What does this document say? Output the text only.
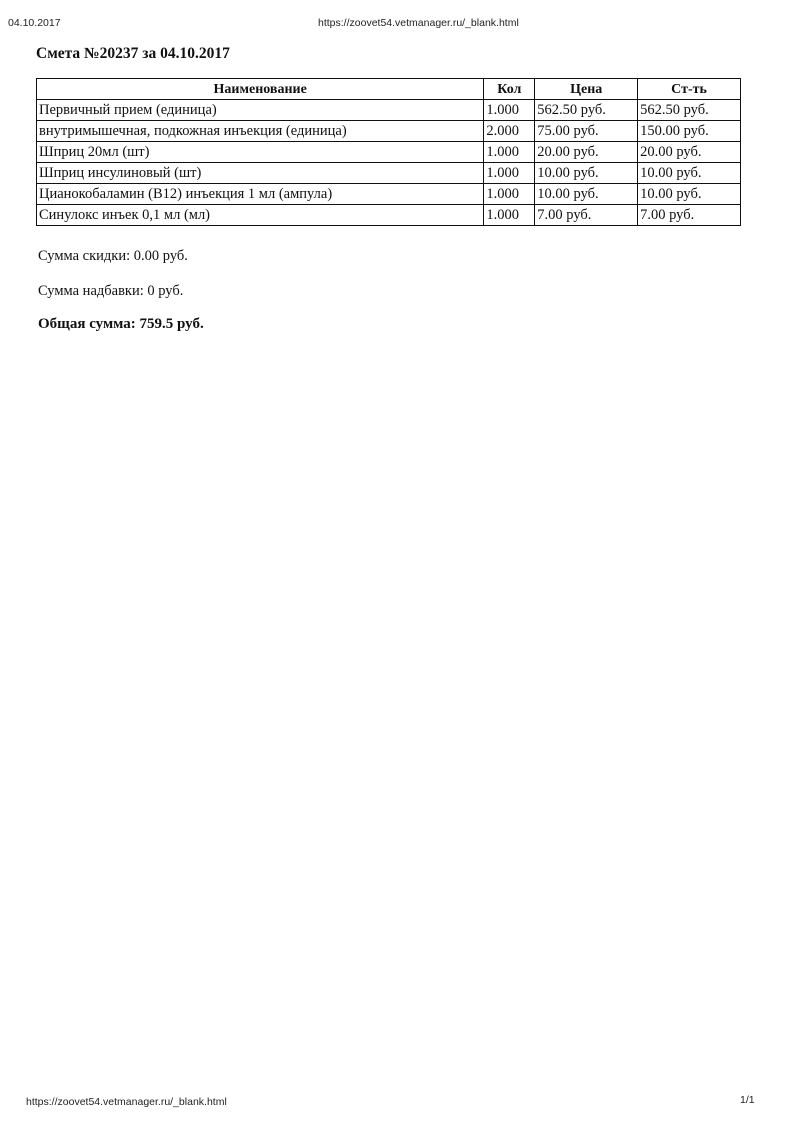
04.10.2017	https://zoovet54.vetmanager.ru/_blank.html
Смета №20237 за 04.10.2017
Наименование	Кол	Цена	Ст-ть
Первичный прием (единица)	1.000	562.50 руб.	562.50 руб.
внутримышечная, подкожная инъекция (единица)	2.000	75.00 руб.	150.00 руб.
Шприц 20мл (шт)	1.000	20.00 руб.	20.00 руб.
Шприц инсулиновый (шт)	1.000	10.00 руб.	10.00 руб.
Цианокобаламин (В12) инъекция 1 мл (ампула)	1.000	10.00 руб.	10.00 руб.
Синулокс инъек 0,1 мл (мл)	1.000	7.00 руб.	7.00 руб.
Сумма скидки: 0.00 руб.
Сумма надбавки: 0 руб.
Общая сумма: 759.5 руб.
https://zoovet54.vetmanager.ru/_blank.html	1/1
